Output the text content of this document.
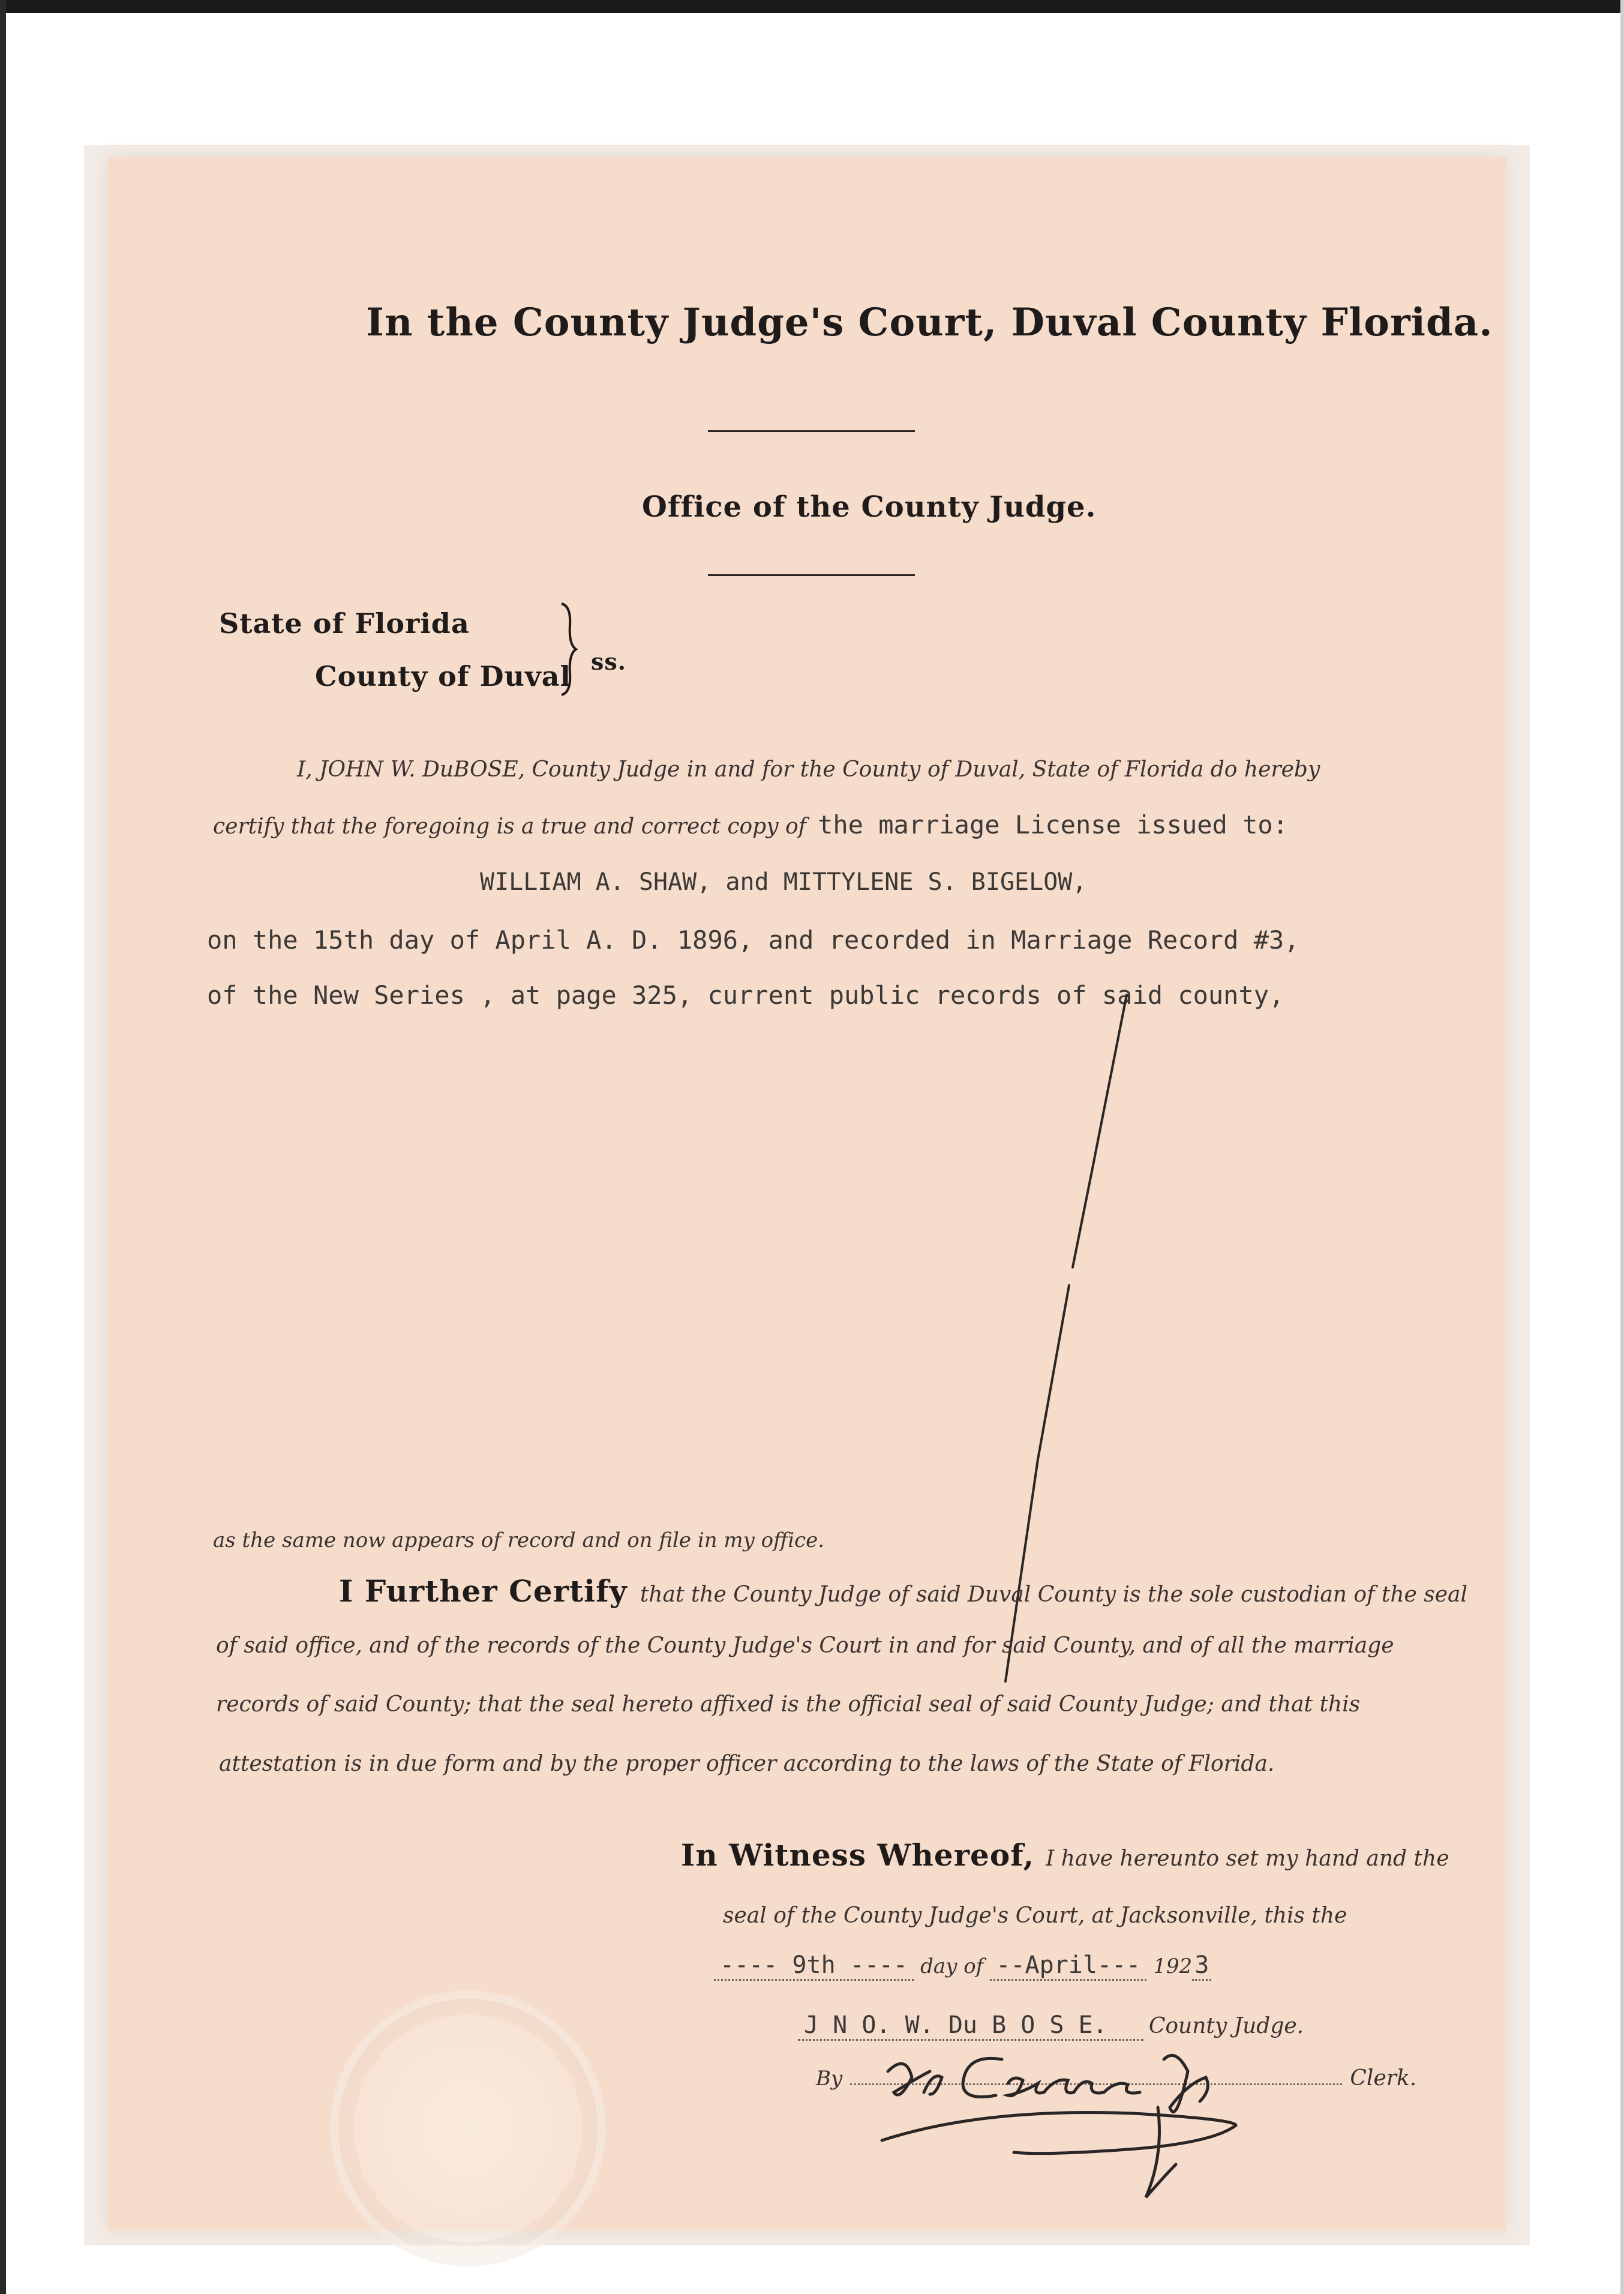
In the County Judge's Court, Duval County Florida.
Office of the County Judge.
State of Florida
County of Duval ss.
I, JOHN W. DuBOSE, County Judge in and for the County of Duval, State of Florida do hereby
certify that the foregoing is a true and correct copy of the marriage License issued to:
WILLIAM A. SHAW, and MITTYLENE S. BIGELOW,
on the 15th day of April A. D. 1896, and recorded in Marriage Record #3,
of the New Series , at page 325, current public records of said county,
as the same now appears of record and on file in my office.
I Further Certify that the County Judge of said Duval County is the sole custodian of the seal
of said office, and of the records of the County Judge's Court in and for said County, and of all the marriage
records of said County; that the seal hereto affixed is the official seal of said County Judge; and that this
attestation is in due form and by the proper officer according to the laws of the State of Florida.
In Witness Whereof, I have hereunto set my hand and the
seal of the County Judge's Court, at Jacksonville, this the
---- 9th ---- day of --April--- 192 3
J N O. W. Du B O S E. County Judge.
By	Clerk.
